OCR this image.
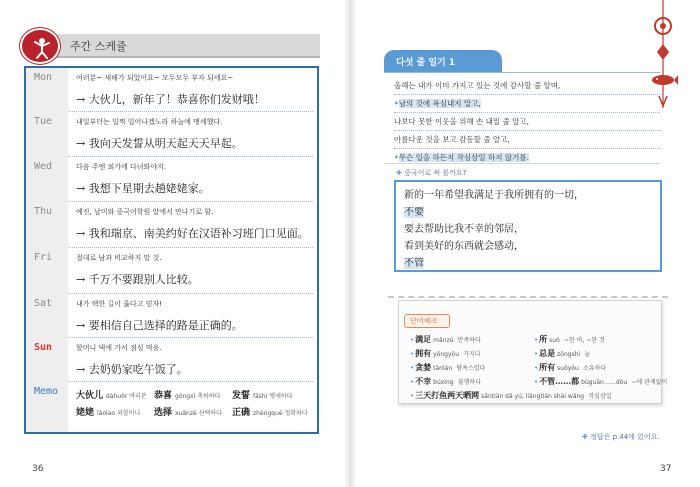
주간 스케쥴
Mon	여러분~ 새해가 되었어요~ 모두모두 부자 되세요~
→ 大伙儿，新年了！恭喜你们发财哦！
Tue	내일부터는 일찍 일어나겠노라 하늘에 맹세했다.
→ 我向天发誓从明天起天天早起。
Wed	다음 주엔 외가에 다녀와야지.
→ 我想下星期去趟姥姥家。
Thu	예진, 날미와 중국어학원 앞에서 만나기로 함.
→ 我和瑞京、南美约好在汉语补习班门口见面。
Fri	절대로 남과 비교하지 말 것.
→ 千万不要跟别人比较。
Sat	내가 택한 길이 옳다고 믿자!
→ 要相信自己选择的路是正确的。
Sun	할머니 댁에 가서 점심 먹음.
→ 去奶奶家吃午饭了。
Memo	大伙儿 dàhuǒr 여러분 恭喜 gōngxǐ 축하하다 发誓 fāshì 맹세하다
姥姥 lǎolao 외할머니 选择 xuǎnzé 선택하다 正确 zhèngquè 정확하다
36
다섯 줄 일기 1
올해는 내가 이미 가지고 있는 것에 감사할 줄 알며,
•남의 것에 욕심내지 말고,
나보다 못한 이웃을 위해 손 내밀 줄 알고,
아름다운 것을 보고 감동할 줄 알고,
•무슨 일을 하든지 작심삼일 하지 않기를.
✚ 중국어로 써 볼까요?
新的一年希望我满足于我所拥有的一切，
不要
要去帮助比我不幸的邻居，
看到美好的东西就会感动，
不管
단어체크
•满足 mǎnzú 만족하다	•所 suǒ ~한 바, ~한 것
•拥有 yōngyǒu 가지다	•总是 zǒngshì 늘
•贪婪 tānlán 탐욕스럽다	•所有 suǒyǒu 소유하다
•不幸 búxìng 불행하다	•不管……都 bùguǎn……dōu ~에 관계없이
•三天打鱼两天晒网 sāntiān dǎ yú, liǎngtiān shài wǎng 작심삼일
✚ 정답은 p.44에 있어요.
37
